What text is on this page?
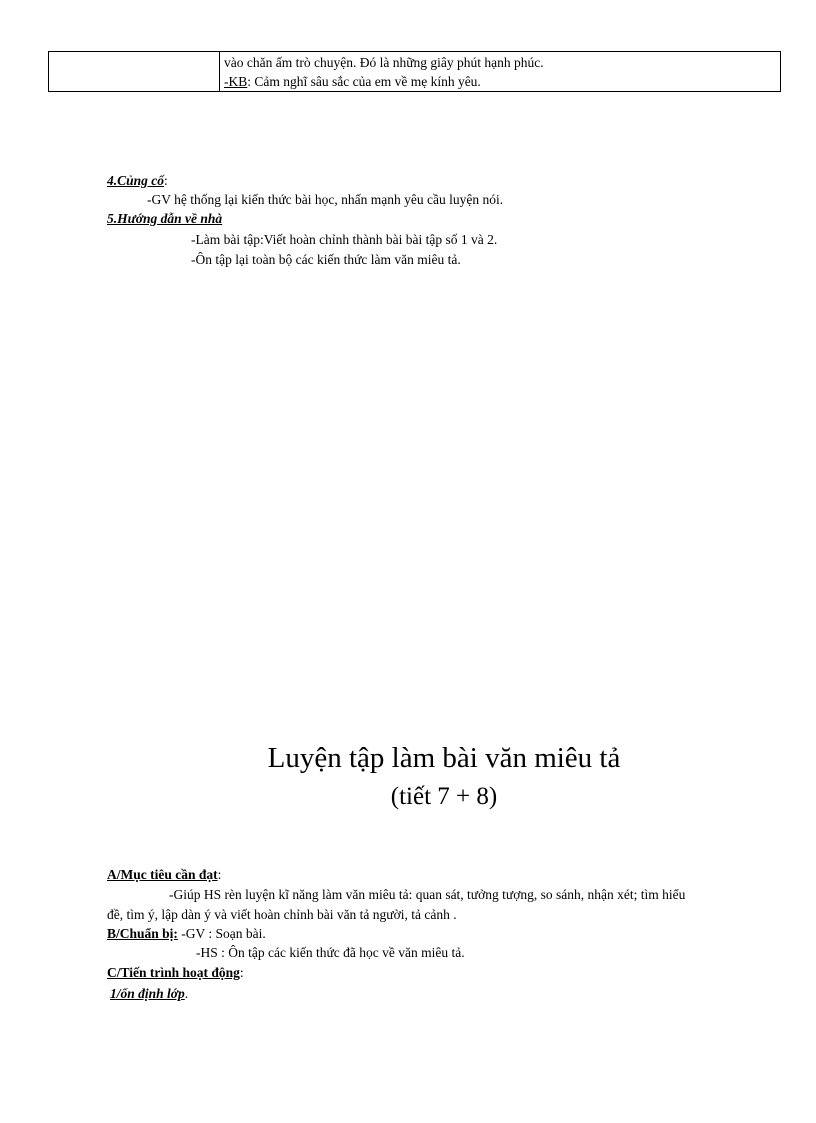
vào chăn ấm trò chuyện. Đó là những giây phút hạnh phúc.
-KB: Cảm nghĩ sâu sắc của em về mẹ kính yêu.
4.Củng cố:
-GV hệ thống lại kiến thức bài học, nhấn mạnh yêu cầu luyện nói.
5.Hướng dẫn về nhà
-Làm bài tập:Viết hoàn chỉnh thành bài bài tập số 1 và 2.
-Ôn tập lại toàn bộ các kiến thức làm văn miêu tả.
Luyện tập làm bài văn miêu tả
(tiết 7 + 8)
A/Mục tiêu cần đạt:
-Giúp HS rèn luyện kĩ năng làm văn miêu tả: quan sát, tưởng tượng, so sánh, nhận xét; tìm hiểu
đề, tìm ý, lập dàn ý và viết hoàn chỉnh bài văn tả người, tả cảnh .
B/Chuẩn bị: -GV : Soạn bài.
-HS : Ôn tập các kiến thức đã học về văn miêu tả.
C/Tiến trình hoạt động:
1/ổn định lớp.
